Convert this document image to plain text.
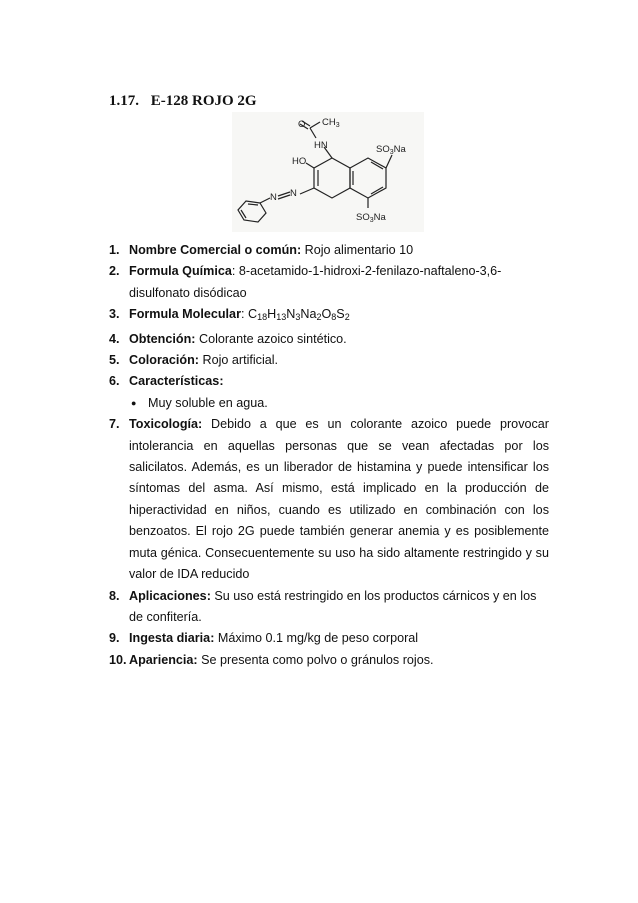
1.17. E-128 ROJO 2G
O $CH_3$
HN
HO
N
N
$SO_3Na$
$SO_3Na$
1. Nombre Comercial o común: Rojo alimentario 10
2. Formula Química: 8-acetamido-1-hidroxi-2-fenilazo-naftaleno-3,6-disulfonato disódicao
3. Formula Molecular: $C_{18}H_{13}N_3Na_2O_8S_2$
4. Obtención: Colorante azoico sintético.
5. Coloración: Rojo artificial.
6. Características:
● Muy soluble en agua.
7. Toxicología: Debido a que es un colorante azoico puede provocar intolerancia en aquellas personas que se vean afectadas por los salicilatos. Además, es un liberador de histamina y puede intensificar los síntomas del asma. Así mismo, está implicado en la producción de hiperactividad en niños, cuando es utilizado en combinación con los benzoatos. El rojo 2G puede también generar anemia y es posiblemente muta génica. Consecuentemente su uso ha sido altamente restringido y su valor de IDA reducido
8. Aplicaciones: Su uso está restringido en los productos cárnicos y en los de confitería.
9. Ingesta diaria: Máximo 0.1 mg/kg de peso corporal
10. Apariencia: Se presenta como polvo o gránulos rojos.
